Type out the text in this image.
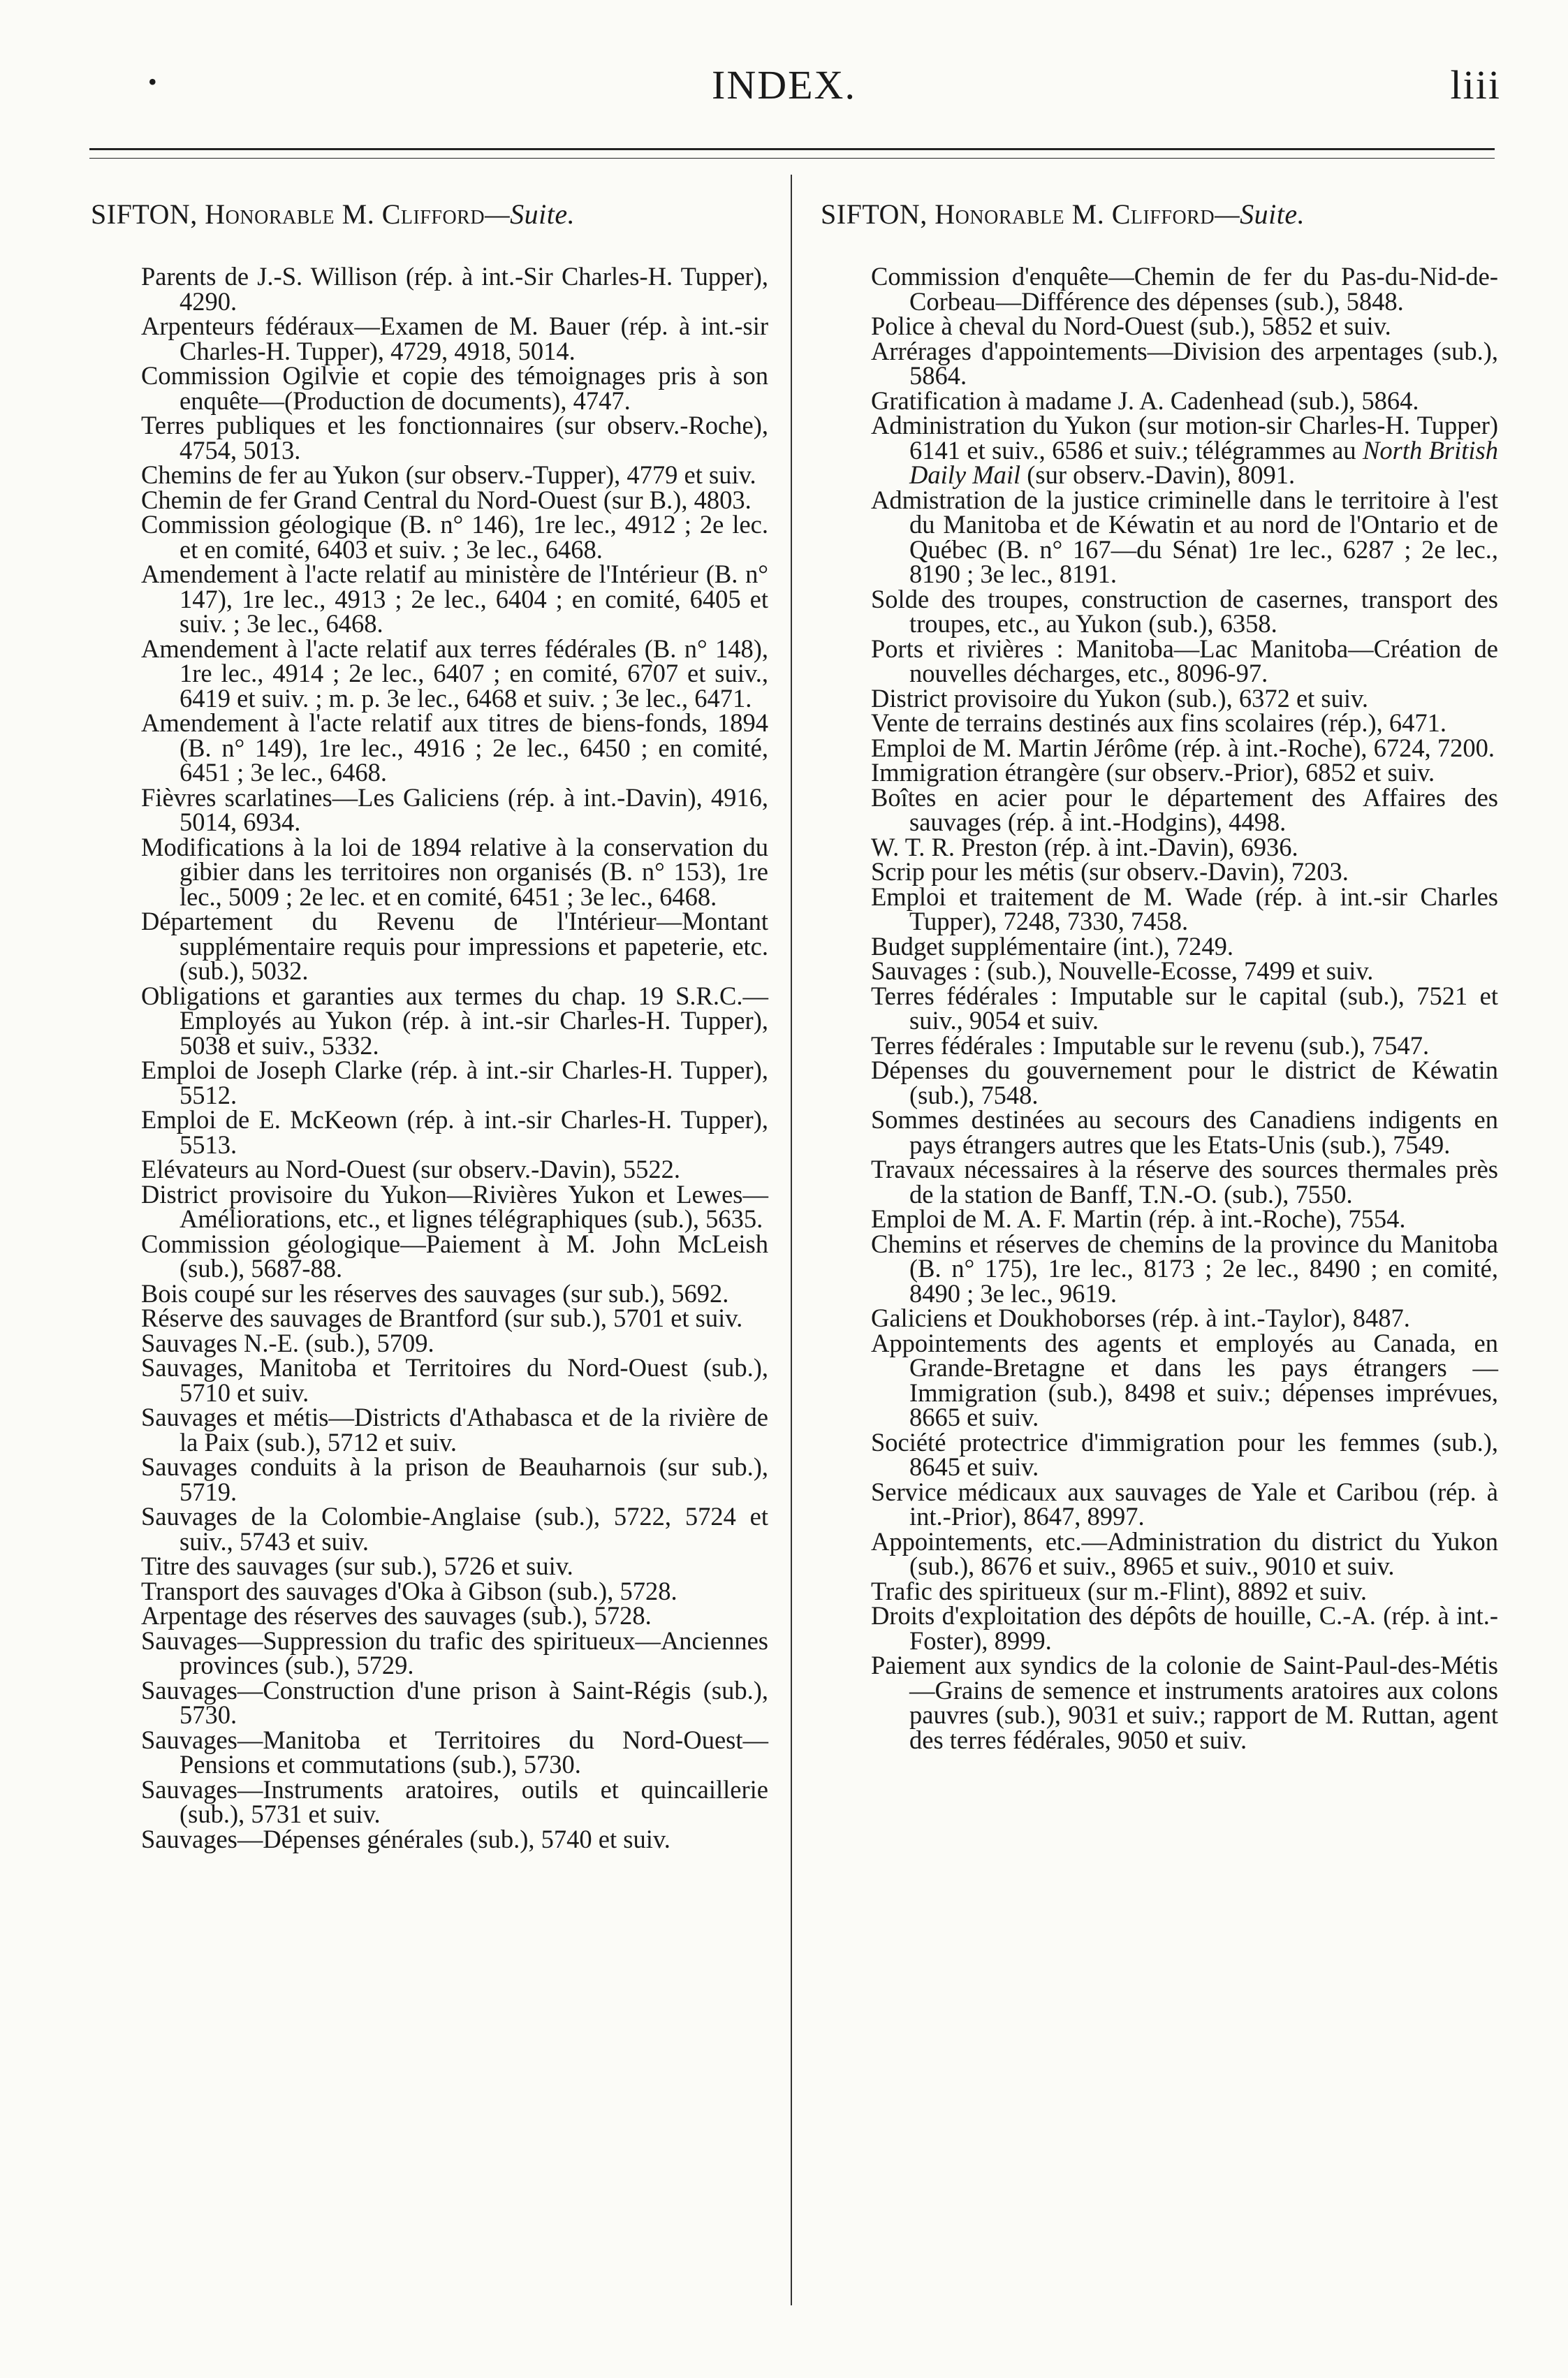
•	INDEX.	liii
SIFTON, Honorable M. Clifford—Suite.
Parents de J.-S. Willison (rép. à int.-Sir Charles-H. Tupper), 4290.
Arpenteurs fédéraux—Examen de M. Bauer (rép. à int.-sir Charles-H. Tupper), 4729, 4918, 5014.
Commission Ogilvie et copie des témoignages pris à son enquête—(Production de documents), 4747.
Terres publiques et les fonctionnaires (sur observ.-Roche), 4754, 5013.
Chemins de fer au Yukon (sur observ.-Tupper), 4779 et suiv.
Chemin de fer Grand Central du Nord-Ouest (sur B.), 4803.
Commission géologique (B. n° 146), 1re lec., 4912 ; 2e lec. et en comité, 6403 et suiv. ; 3e lec., 6468.
Amendement à l'acte relatif au ministère de l'Intérieur (B. n° 147), 1re lec., 4913 ; 2e lec., 6404 ; en comité, 6405 et suiv. ; 3e lec., 6468.
Amendement à l'acte relatif aux terres fédérales (B. n° 148), 1re lec., 4914 ; 2e lec., 6407 ; en comité, 6707 et suiv., 6419 et suiv. ; m. p. 3e lec., 6468 et suiv. ; 3e lec., 6471.
Amendement à l'acte relatif aux titres de biens-fonds, 1894 (B. n° 149), 1re lec., 4916 ; 2e lec., 6450 ; en comité, 6451 ; 3e lec., 6468.
Fièvres scarlatines—Les Galiciens (rép. à int.-Davin), 4916, 5014, 6934.
Modifications à la loi de 1894 relative à la conservation du gibier dans les territoires non organisés (B. n° 153), 1re lec., 5009 ; 2e lec. et en comité, 6451 ; 3e lec., 6468.
Département du Revenu de l'Intérieur—Montant supplémentaire requis pour impressions et papeterie, etc. (sub.), 5032.
Obligations et garanties aux termes du chap. 19 S.R.C.—Employés au Yukon (rép. à int.-sir Charles-H. Tupper), 5038 et suiv., 5332.
Emploi de Joseph Clarke (rép. à int.-sir Charles-H. Tupper), 5512.
Emploi de E. McKeown (rép. à int.-sir Charles-H. Tupper), 5513.
Elévateurs au Nord-Ouest (sur observ.-Davin), 5522.
District provisoire du Yukon—Rivières Yukon et Lewes—Améliorations, etc., et lignes télégraphiques (sub.), 5635.
Commission géologique—Paiement à M. John McLeish (sub.), 5687-88.
Bois coupé sur les réserves des sauvages (sur sub.), 5692.
Réserve des sauvages de Brantford (sur sub.), 5701 et suiv.
Sauvages N.-E. (sub.), 5709.
Sauvages, Manitoba et Territoires du Nord-Ouest (sub.), 5710 et suiv.
Sauvages et métis—Districts d'Athabasca et de la rivière de la Paix (sub.), 5712 et suiv.
Sauvages conduits à la prison de Beauharnois (sur sub.), 5719.
Sauvages de la Colombie-Anglaise (sub.), 5722, 5724 et suiv., 5743 et suiv.
Titre des sauvages (sur sub.), 5726 et suiv.
Transport des sauvages d'Oka à Gibson (sub.), 5728.
Arpentage des réserves des sauvages (sub.), 5728.
Sauvages—Suppression du trafic des spiritueux—Anciennes provinces (sub.), 5729.
Sauvages—Construction d'une prison à Saint-Régis (sub.), 5730.
Sauvages—Manitoba et Territoires du Nord-Ouest—Pensions et commutations (sub.), 5730.
Sauvages—Instruments aratoires, outils et quincaillerie (sub.), 5731 et suiv.
Sauvages—Dépenses générales (sub.), 5740 et suiv.
SIFTON, Honorable M. Clifford—Suite.
Commission d'enquête—Chemin de fer du Pas-du-Nid-de-Corbeau—Différence des dépenses (sub.), 5848.
Police à cheval du Nord-Ouest (sub.), 5852 et suiv.
Arrérages d'appointements—Division des arpentages (sub.), 5864.
Gratification à madame J. A. Cadenhead (sub.), 5864.
Administration du Yukon (sur motion-sir Charles-H. Tupper) 6141 et suiv., 6586 et suiv.; télégrammes au North British Daily Mail (sur observ.-Davin), 8091.
Admistration de la justice criminelle dans le territoire à l'est du Manitoba et de Kéwatin et au nord de l'Ontario et de Québec (B. n° 167—du Sénat) 1re lec., 6287 ; 2e lec., 8190 ; 3e lec., 8191.
Solde des troupes, construction de casernes, transport des troupes, etc., au Yukon (sub.), 6358.
Ports et rivières : Manitoba—Lac Manitoba—Création de nouvelles décharges, etc., 8096-97.
District provisoire du Yukon (sub.), 6372 et suiv.
Vente de terrains destinés aux fins scolaires (rép.), 6471.
Emploi de M. Martin Jérôme (rép. à int.-Roche), 6724, 7200.
Immigration étrangère (sur observ.-Prior), 6852 et suiv.
Boîtes en acier pour le département des Affaires des sauvages (rép. à int.-Hodgins), 4498.
W. T. R. Preston (rép. à int.-Davin), 6936.
Scrip pour les métis (sur observ.-Davin), 7203.
Emploi et traitement de M. Wade (rép. à int.-sir Charles Tupper), 7248, 7330, 7458.
Budget supplémentaire (int.), 7249.
Sauvages : (sub.), Nouvelle-Ecosse, 7499 et suiv.
Terres fédérales : Imputable sur le capital (sub.), 7521 et suiv., 9054 et suiv.
Terres fédérales : Imputable sur le revenu (sub.), 7547.
Dépenses du gouvernement pour le district de Kéwatin (sub.), 7548.
Sommes destinées au secours des Canadiens indigents en pays étrangers autres que les Etats-Unis (sub.), 7549.
Travaux nécessaires à la réserve des sources thermales près de la station de Banff, T.N.-O. (sub.), 7550.
Emploi de M. A. F. Martin (rép. à int.-Roche), 7554.
Chemins et réserves de chemins de la province du Manitoba (B. n° 175), 1re lec., 8173 ; 2e lec., 8490 ; en comité, 8490 ; 3e lec., 9619.
Galiciens et Doukhoborses (rép. à int.-Taylor), 8487.
Appointements des agents et employés au Canada, en Grande-Bretagne et dans les pays étrangers —Immigration (sub.), 8498 et suiv.; dépenses imprévues, 8665 et suiv.
Société protectrice d'immigration pour les femmes (sub.), 8645 et suiv.
Service médicaux aux sauvages de Yale et Caribou (rép. à int.-Prior), 8647, 8997.
Appointements, etc.—Administration du district du Yukon (sub.), 8676 et suiv., 8965 et suiv., 9010 et suiv.
Trafic des spiritueux (sur m.-Flint), 8892 et suiv.
Droits d'exploitation des dépôts de houille, C.-A. (rép. à int.-Foster), 8999.
Paiement aux syndics de la colonie de Saint-Paul-des-Métis—Grains de semence et instruments aratoires aux colons pauvres (sub.), 9031 et suiv.; rapport de M. Ruttan, agent des terres fédérales, 9050 et suiv.
